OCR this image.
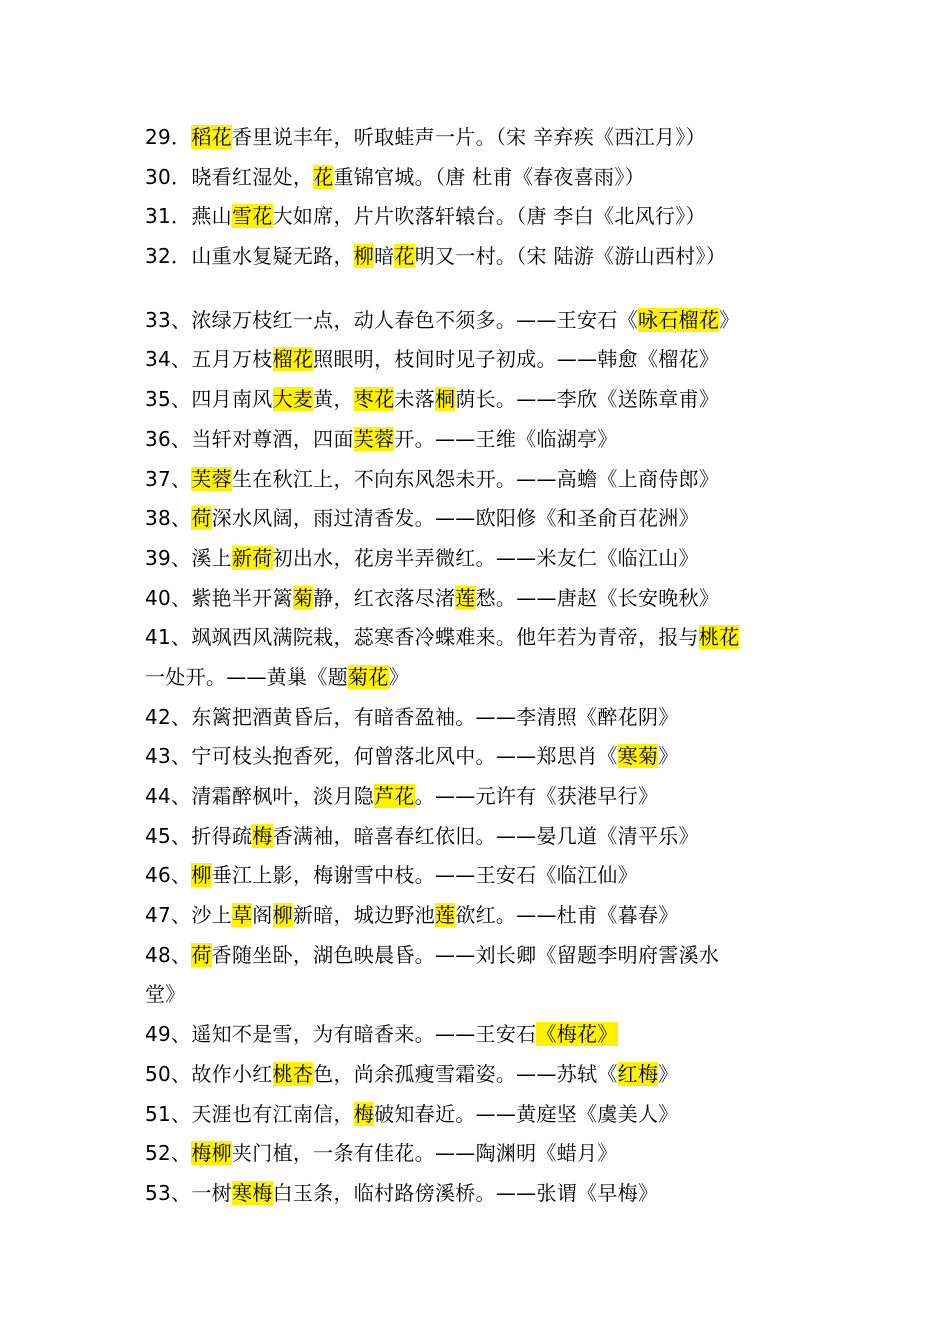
29．稻花香里说丰年，听取蛙声一片。（宋 辛弃疾《西江月》）
30．晓看红湿处，花重锦官城。（唐 杜甫《春夜喜雨》）
31．燕山雪花大如席，片片吹落轩辕台。（唐 李白《北风行》）
32．山重水复疑无路，柳暗花明又一村。（宋 陆游《游山西村》）
33、浓绿万枝红一点，动人春色不须多。——王安石《咏石榴花》
34、五月万枝榴花照眼明，枝间时见子初成。——韩愈《榴花》
35、四月南风大麦黄，枣花未落桐荫长。——李欣《送陈章甫》
36、当轩对尊酒，四面芙蓉开。——王维《临湖亭》
37、芙蓉生在秋江上，不向东风怨未开。——高蟾《上商侍郎》
38、荷深水风阔，雨过清香发。——欧阳修《和圣俞百花洲》
39、溪上新荷初出水，花房半弄微红。——米友仁《临江山》
40、紫艳半开篱菊静，红衣落尽渚莲愁。——唐赵《长安晚秋》
41、飒飒西风满院栽，蕊寒香冷蝶难来。他年若为青帝，报与桃花
一处开。——黄巢《题菊花》
42、东篱把酒黄昏后，有暗香盈袖。——李清照《醉花阴》
43、宁可枝头抱香死，何曾落北风中。——郑思肖《寒菊》
44、清霜醉枫叶，淡月隐芦花。——元许有《获港早行》
45、折得疏梅香满袖，暗喜春红依旧。——晏几道《清平乐》
46、柳垂江上影，梅谢雪中枝。——王安石《临江仙》
47、沙上草阁柳新暗，城边野池莲欲红。——杜甫《暮春》
48、荷香随坐卧，湖色映晨昏。——刘长卿《留题李明府霅溪水
堂》
49、遥知不是雪，为有暗香来。——王安石《梅花》
50、故作小红桃杏色，尚余孤瘦雪霜姿。——苏轼《红梅》
51、天涯也有江南信，梅破知春近。——黄庭坚《虞美人》
52、梅柳夹门植，一条有佳花。——陶渊明《蜡月》
53、一树寒梅白玉条，临村路傍溪桥。——张谓《早梅》
